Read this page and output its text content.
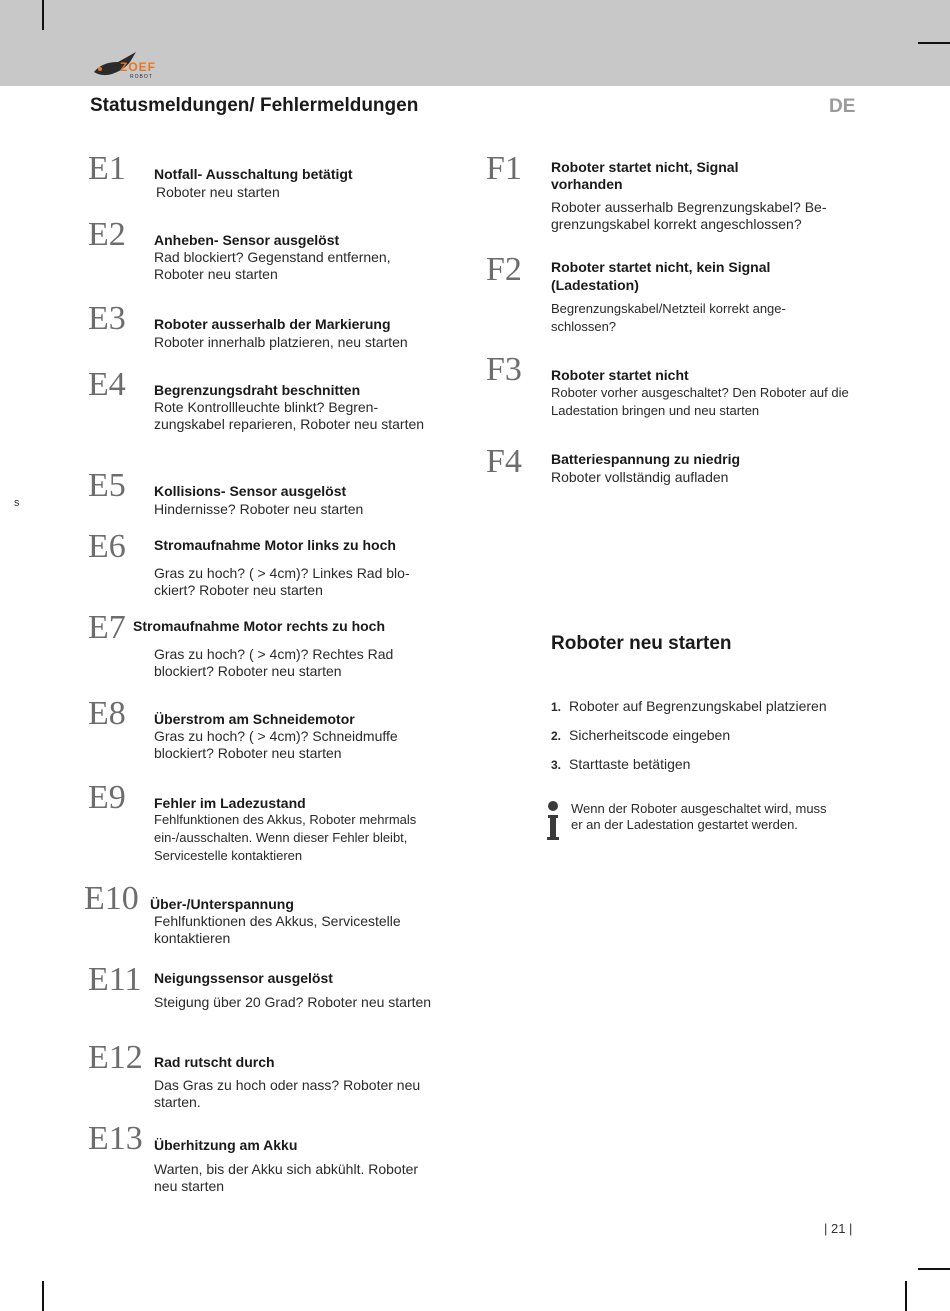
ZOEF
ROBOT
Statusmeldungen/ Fehlermeldungen	DE
s
E1 Notfall- Ausschaltung betätigt
Roboter neu starten
E2 Anheben- Sensor ausgelöst
Rad blockiert? Gegenstand entfernen, Roboter neu starten
E3 Roboter ausserhalb der Markierung
Roboter innerhalb platzieren, neu starten
E4 Begrenzungsdraht beschnitten
Rote Kontrollleuchte blinkt? Begren-zungskabel reparieren, Roboter neu starten
E5 Kollisions- Sensor ausgelöst
Hindernisse? Roboter neu starten
E6 Stromaufnahme Motor links zu hoch
Gras zu hoch? ( > 4cm)? Linkes Rad blo-ckiert? Roboter neu starten
E7 Stromaufnahme Motor rechts zu hoch
Gras zu hoch? ( > 4cm)? Rechtes Rad blockiert? Roboter neu starten
E8 Überstrom am Schneidemotor
Gras zu hoch? ( > 4cm)? Schneidmuffe blockiert? Roboter neu starten
E9 Fehler im Ladezustand
Fehlfunktionen des Akkus, Roboter mehrmals ein-/ausschalten. Wenn dieser Fehler bleibt, Servicestelle kontaktieren
E10 Über-/Unterspannung
Fehlfunktionen des Akkus, Servicestelle kontaktieren
E11 Neigungssensor ausgelöst
Steigung über 20 Grad? Roboter neu starten
E12 Rad rutscht durch
Das Gras zu hoch oder nass? Roboter neu starten.
E13 Überhitzung am Akku
Warten, bis der Akku sich abkühlt. Roboter neu starten
F1 Roboter startet nicht, Signal
vorhanden
Roboter ausserhalb Begrenzungskabel? Be-grenzungskabel korrekt angeschlossen?
F2 Roboter startet nicht, kein Signal
(Ladestation)
Begrenzungskabel/Netzteil korrekt ange-schlossen?
F3 Roboter startet nicht
Roboter vorher ausgeschaltet? Den Roboter auf die Ladestation bringen und neu starten
F4 Batteriespannung zu niedrig
Roboter vollständig aufladen
Roboter neu starten
1. Roboter auf Begrenzungskabel platzieren
2. Sicherheitscode eingeben
3. Starttaste betätigen
Wenn der Roboter ausgeschaltet wird, muss er an der Ladestation gestartet werden.
| 21 |
